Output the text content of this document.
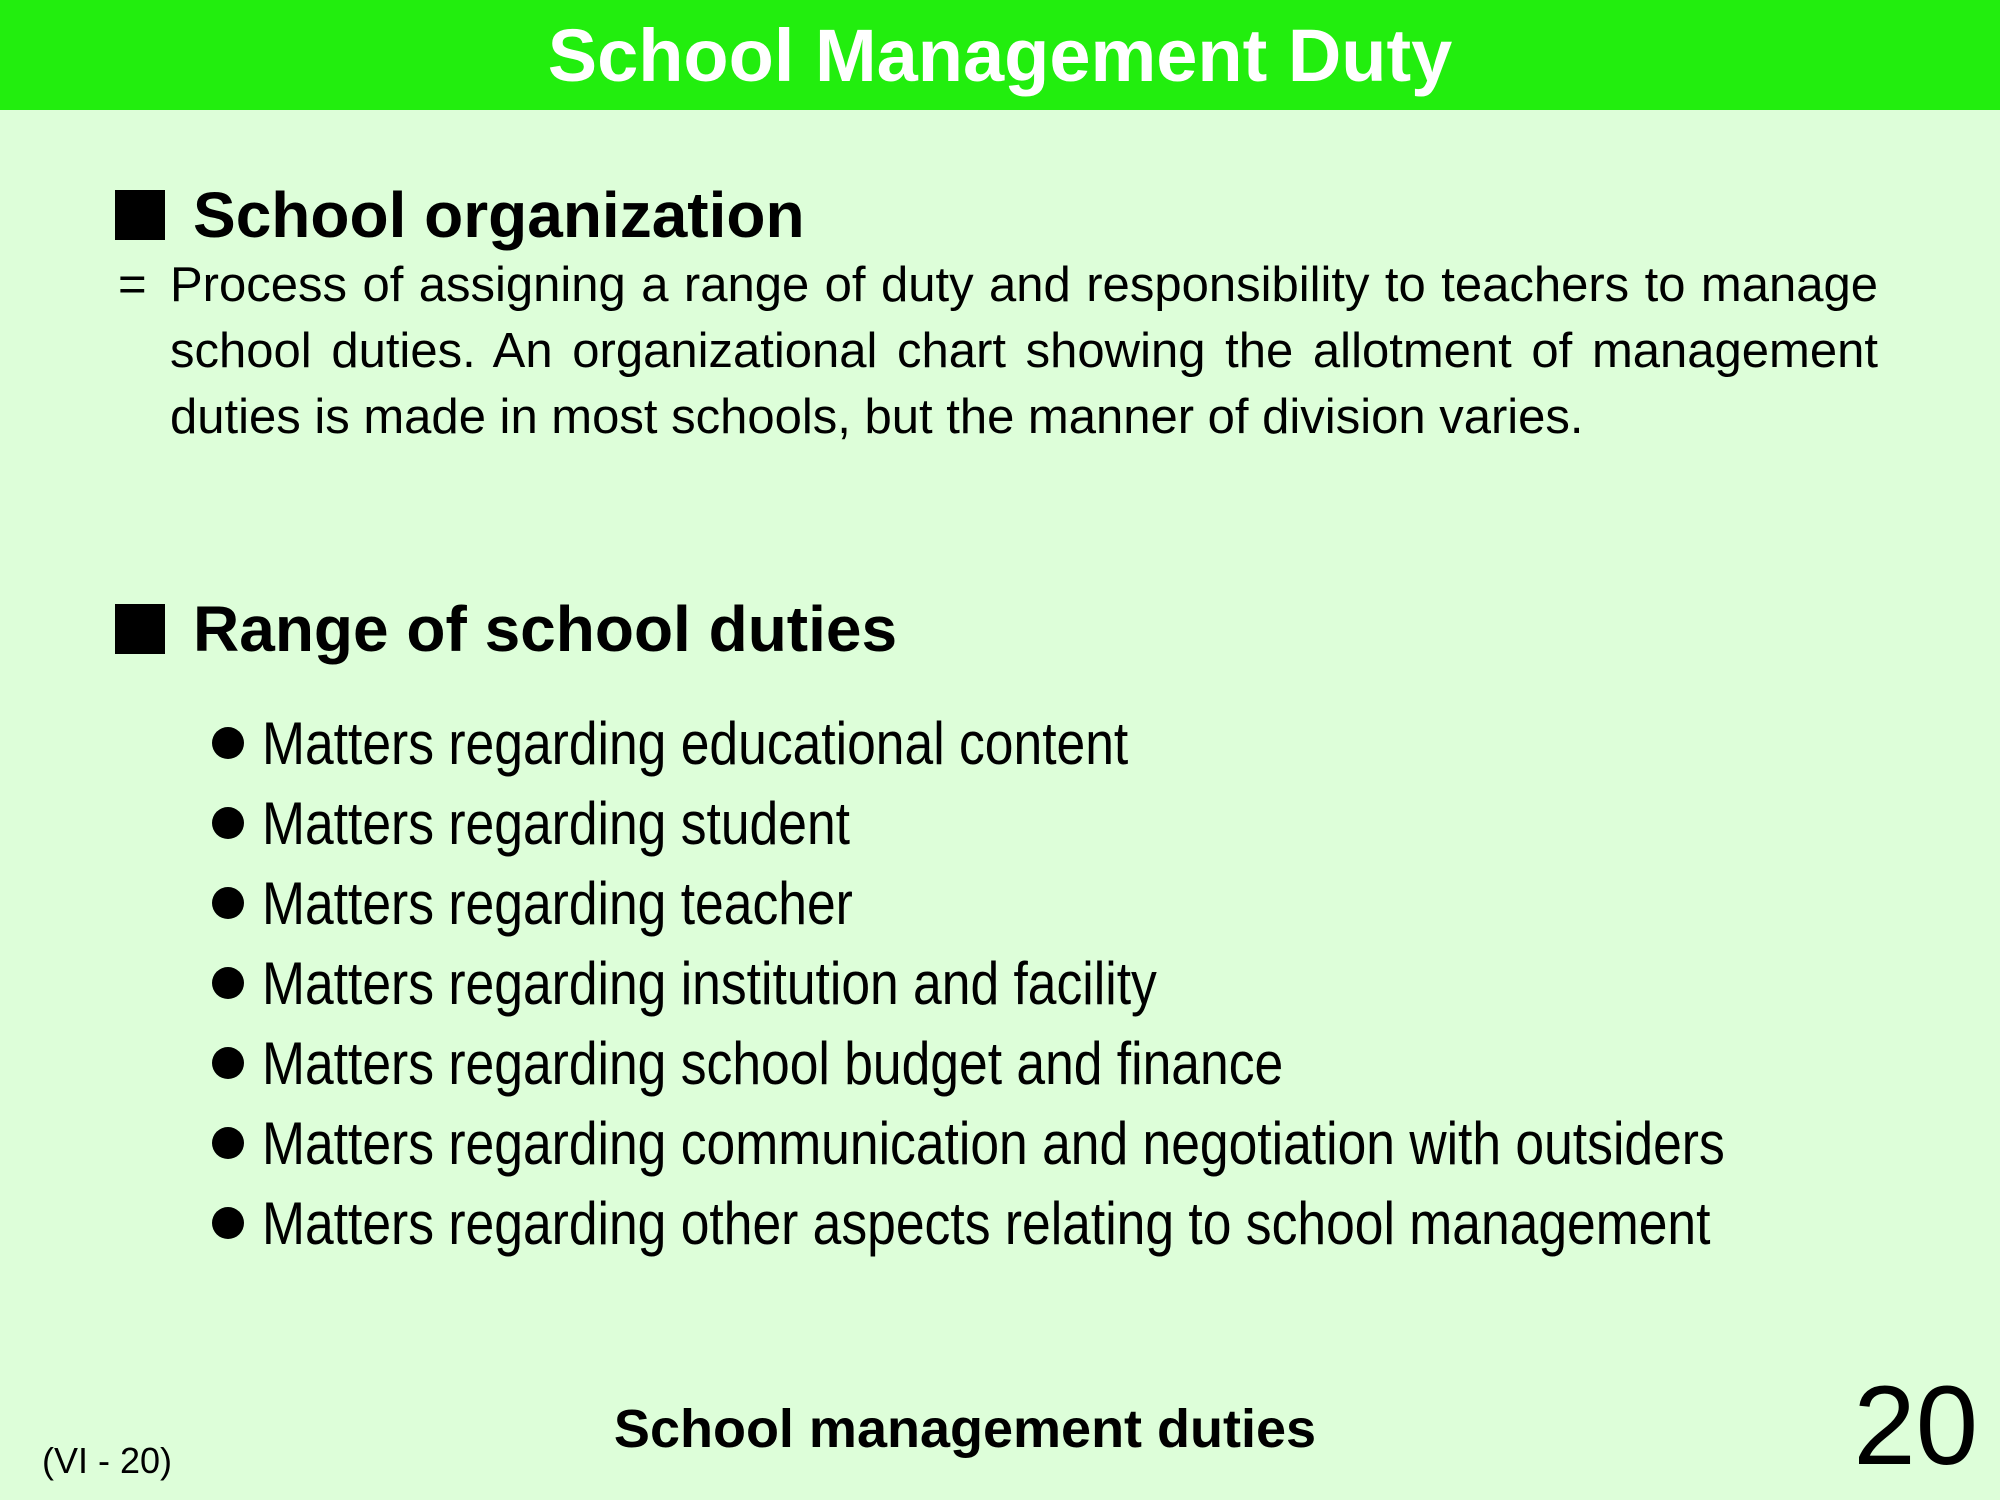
School Management Duty
School organization
= Process of assigning a range of duty and responsibility to teachers to manage school duties. An organizational chart showing the allotment of management duties is made in most schools, but the manner of division varies.
Range of school duties
Matters regarding educational content
Matters regarding student
Matters regarding teacher
Matters regarding institution and facility
Matters regarding school budget and finance
Matters regarding communication and negotiation with outsiders
Matters regarding other aspects relating to school management
(VI - 20)
School management duties	20
